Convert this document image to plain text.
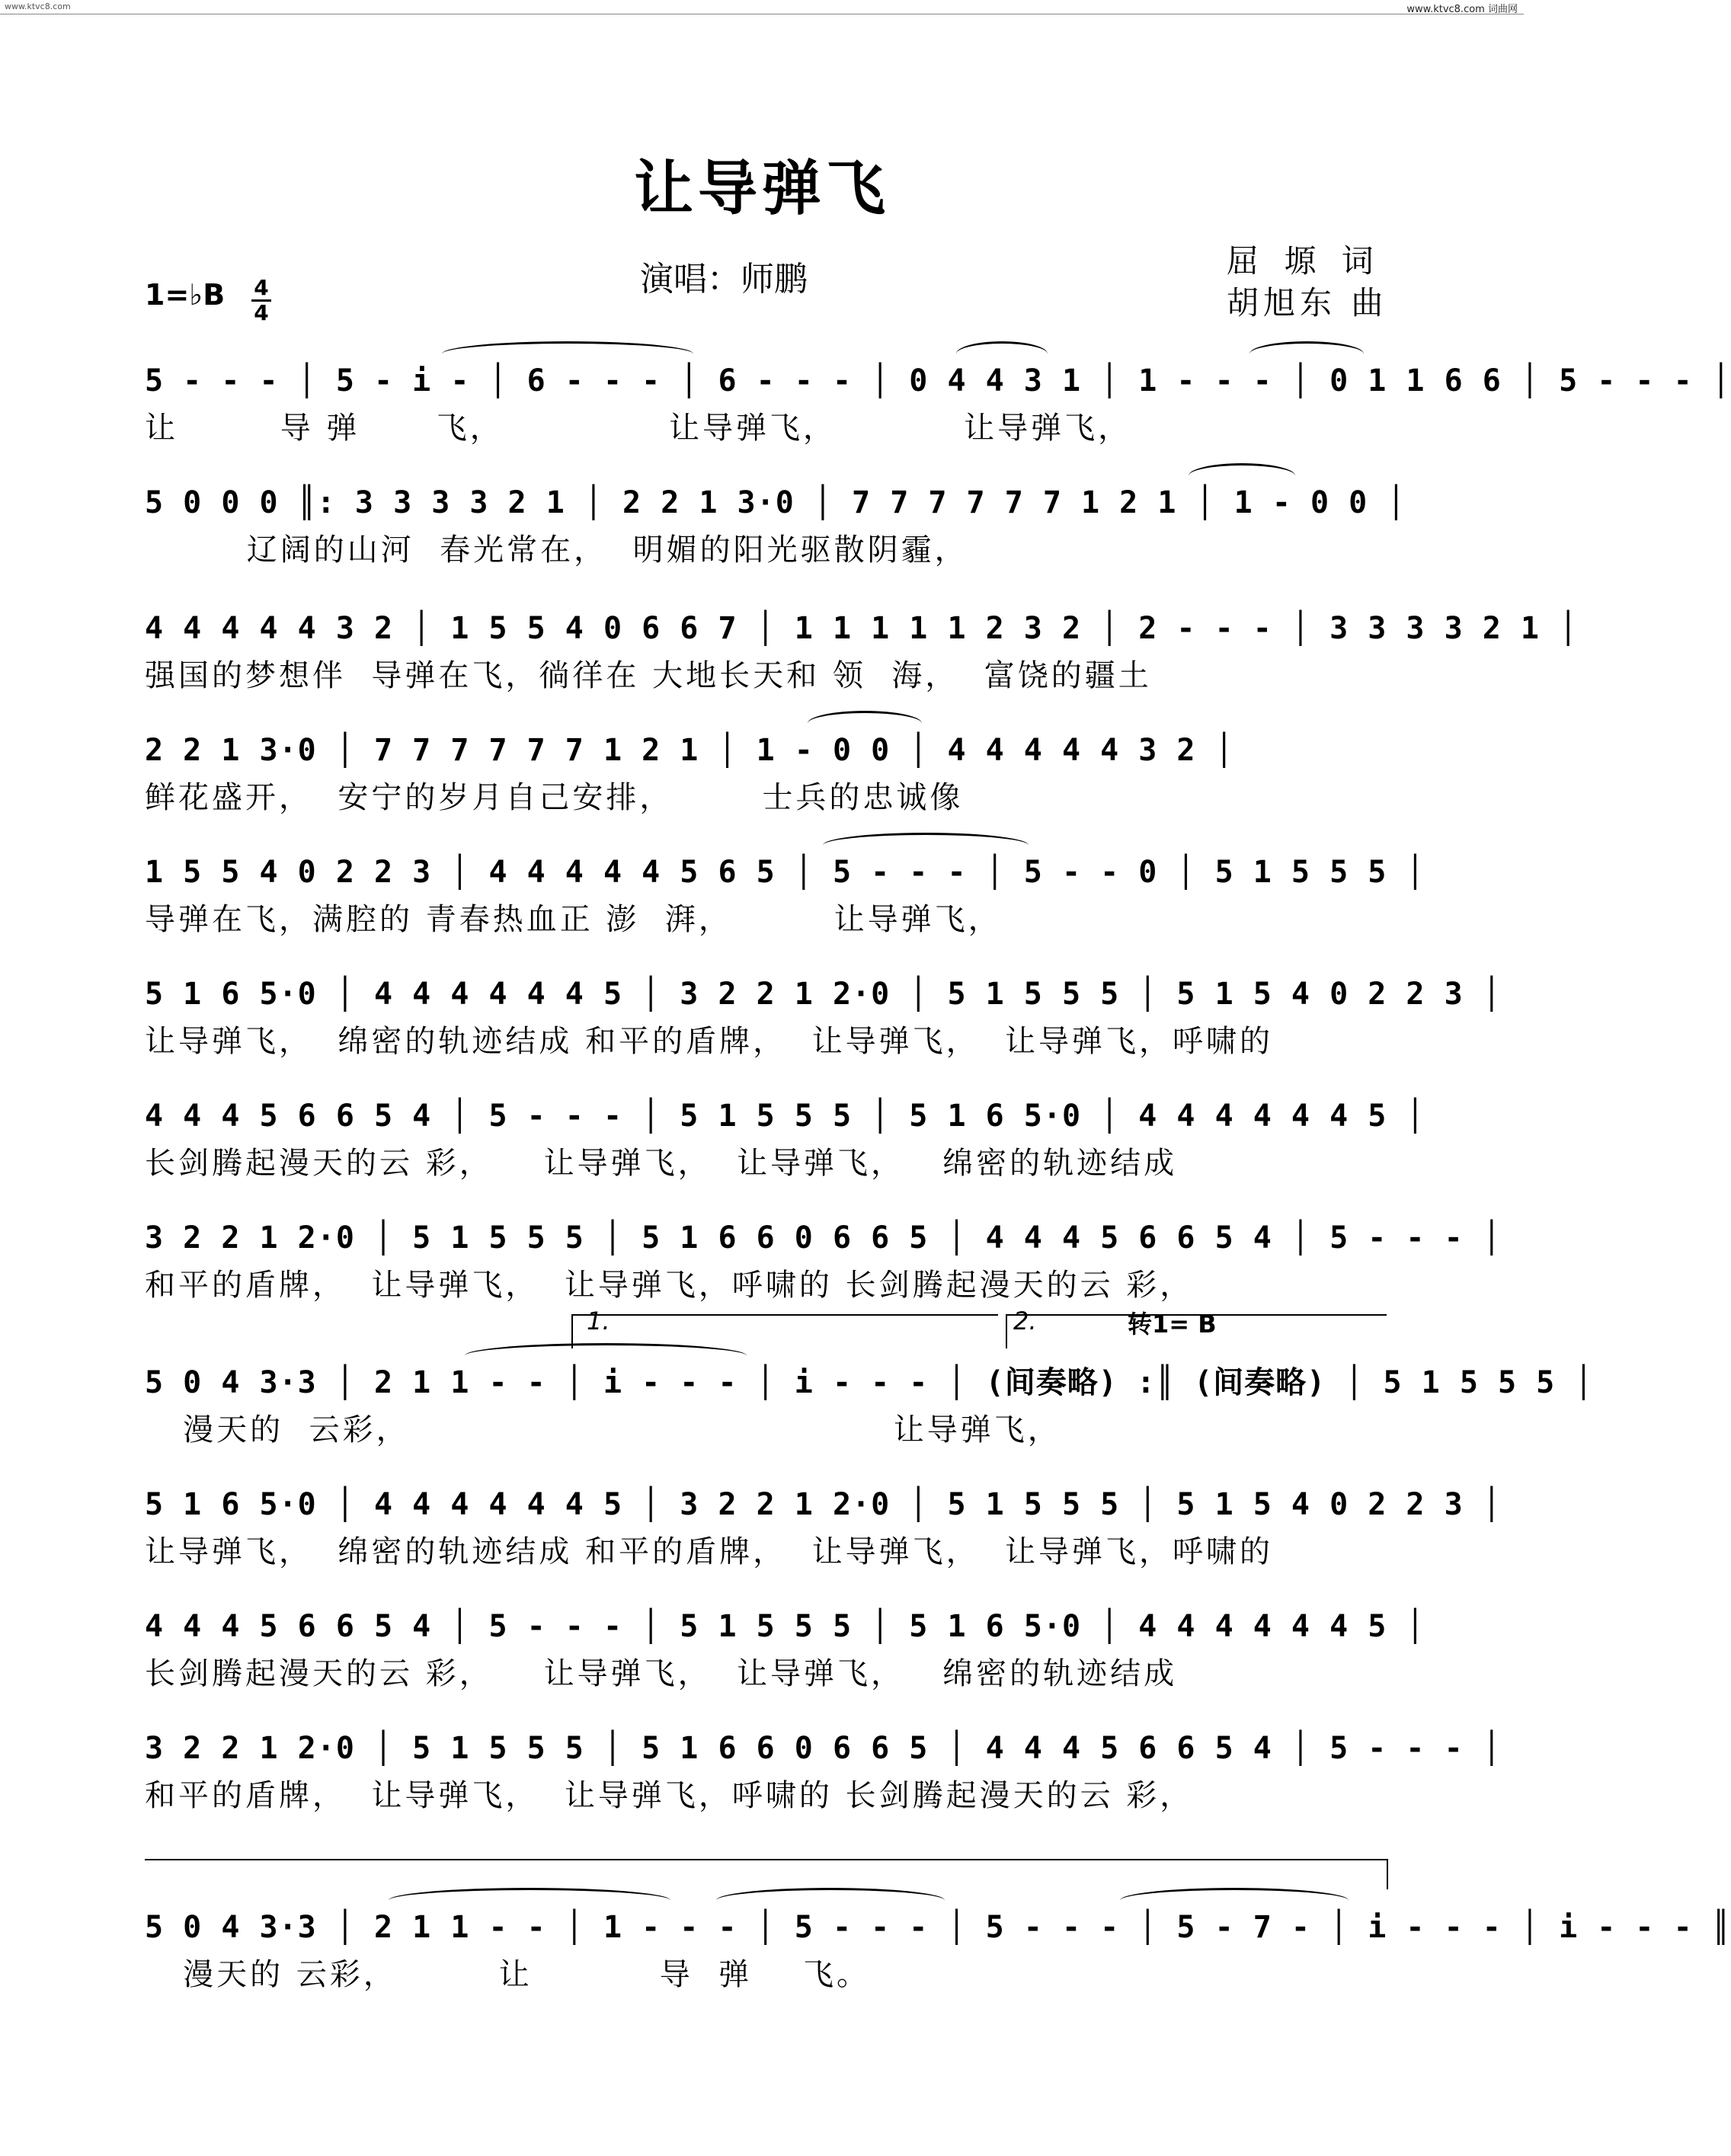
www.ktvc8.com	www.ktvc8.com 词曲网
让导弹飞
演唱：师鹏	屈 塬 词
胡旭东 曲
1=♭B 4
4
5 - - - │ 5 - i - │ 6 - - - │ 6 - - - │ 0 4 4 3 1 │ 1 - - - │ 0 1 1 6 6 │ 5 - - - │
让        导 弹      飞，             让导弹飞，          让导弹飞，
5 0 0 0 ║: 3 3 3 3 2 1 │ 2 2 1 3·0 │ 7 7 7 7 7 7 1 2 1 │ 1 - 0 0 │
辽阔的山河  春光常在，  明媚的阳光驱散阴霾，
4 4 4 4 4 3 2 │ 1 5 5 4 0 6 6 7 │ 1 1 1 1 1 2 3 2 │ 2 - - - │ 3 3 3 3 2 1 │
强国的梦想伴  导弹在飞，徜徉在 大地长天和 领  海，  富饶的疆土
2 2 1 3·0 │ 7 7 7 7 7 7 1 2 1 │ 1 - 0 0 │ 4 4 4 4 4 3 2 │
鲜花盛开，  安宁的岁月自己安排，       士兵的忠诚像
1 5 5 4 0 2 2 3 │ 4 4 4 4 4 5 6 5 │ 5 - - - │ 5 - - 0 │ 5 1 5 5 5 │
导弹在飞，满腔的 青春热血正 澎  湃，        让导弹飞，
5 1 6 5·0 │ 4 4 4 4 4 4 5 │ 3 2 2 1 2·0 │ 5 1 5 5 5 │ 5 1 5 4 0 2 2 3 │
让导弹飞，  绵密的轨迹结成 和平的盾牌，  让导弹飞，  让导弹飞，呼啸的
4 4 4 5 6 6 5 4 │ 5 - - - │ 5 1 5 5 5 │ 5 1 6 5·0 │ 4 4 4 4 4 4 5 │
长剑腾起漫天的云 彩，    让导弹飞，  让导弹飞，   绵密的轨迹结成
3 2 2 1 2·0 │ 5 1 5 5 5 │ 5 1 6 6 0 6 6 5 │ 4 4 4 5 6 6 5 4 │ 5 - - - │
和平的盾牌，  让导弹飞，  让导弹飞，呼啸的 长剑腾起漫天的云 彩，
1.	2.	转1= B
5 0 4 3·3 │ 2 1 1 - - │ i - - - │ i - - - │ (间奏略) :║ (间奏略) │ 5 1 5 5 5 │
漫天的  云彩，                                      让导弹飞，
5 1 6 5·0 │ 4 4 4 4 4 4 5 │ 3 2 2 1 2·0 │ 5 1 5 5 5 │ 5 1 5 4 0 2 2 3 │
让导弹飞，  绵密的轨迹结成 和平的盾牌，  让导弹飞，  让导弹飞，呼啸的
4 4 4 5 6 6 5 4 │ 5 - - - │ 5 1 5 5 5 │ 5 1 6 5·0 │ 4 4 4 4 4 4 5 │
长剑腾起漫天的云 彩，    让导弹飞，  让导弹飞，   绵密的轨迹结成
3 2 2 1 2·0 │ 5 1 5 5 5 │ 5 1 6 6 0 6 6 5 │ 4 4 4 5 6 6 5 4 │ 5 - - - │
和平的盾牌，  让导弹飞，  让导弹飞，呼啸的 长剑腾起漫天的云 彩，
5 0 4 3·3 │ 2 1 1 - - │ 1 - - - │ 5 - - - │ 5 - - - │ 5 - 7 - │ i - - - │ i - - - ║
漫天的 云彩，        让          导  弹    飞。
